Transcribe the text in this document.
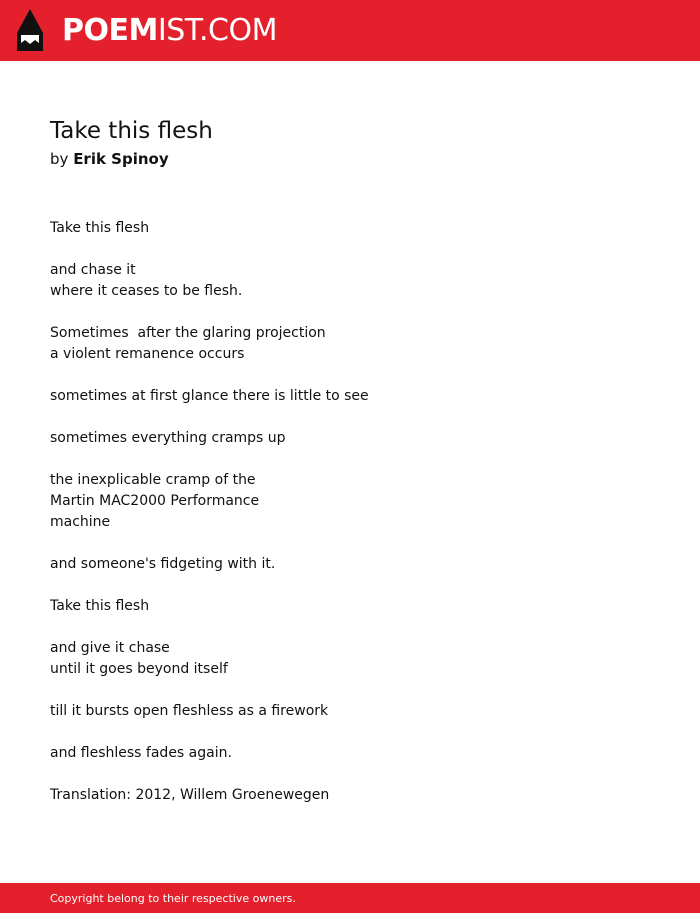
POEMIST.COM
Take this flesh
by Erik Spinoy
Take this flesh
and chase it
where it ceases to be flesh.
Sometimes  after the glaring projection
a violent remanence occurs
sometimes at first glance there is little to see
sometimes everything cramps up
the inexplicable cramp of the
Martin MAC2000 Performance
machine
and someone's fidgeting with it.
Take this flesh
and give it chase
until it goes beyond itself
till it bursts open fleshless as a firework
and fleshless fades again.
Translation: 2012, Willem Groenewegen
Copyright belong to their respective owners.
